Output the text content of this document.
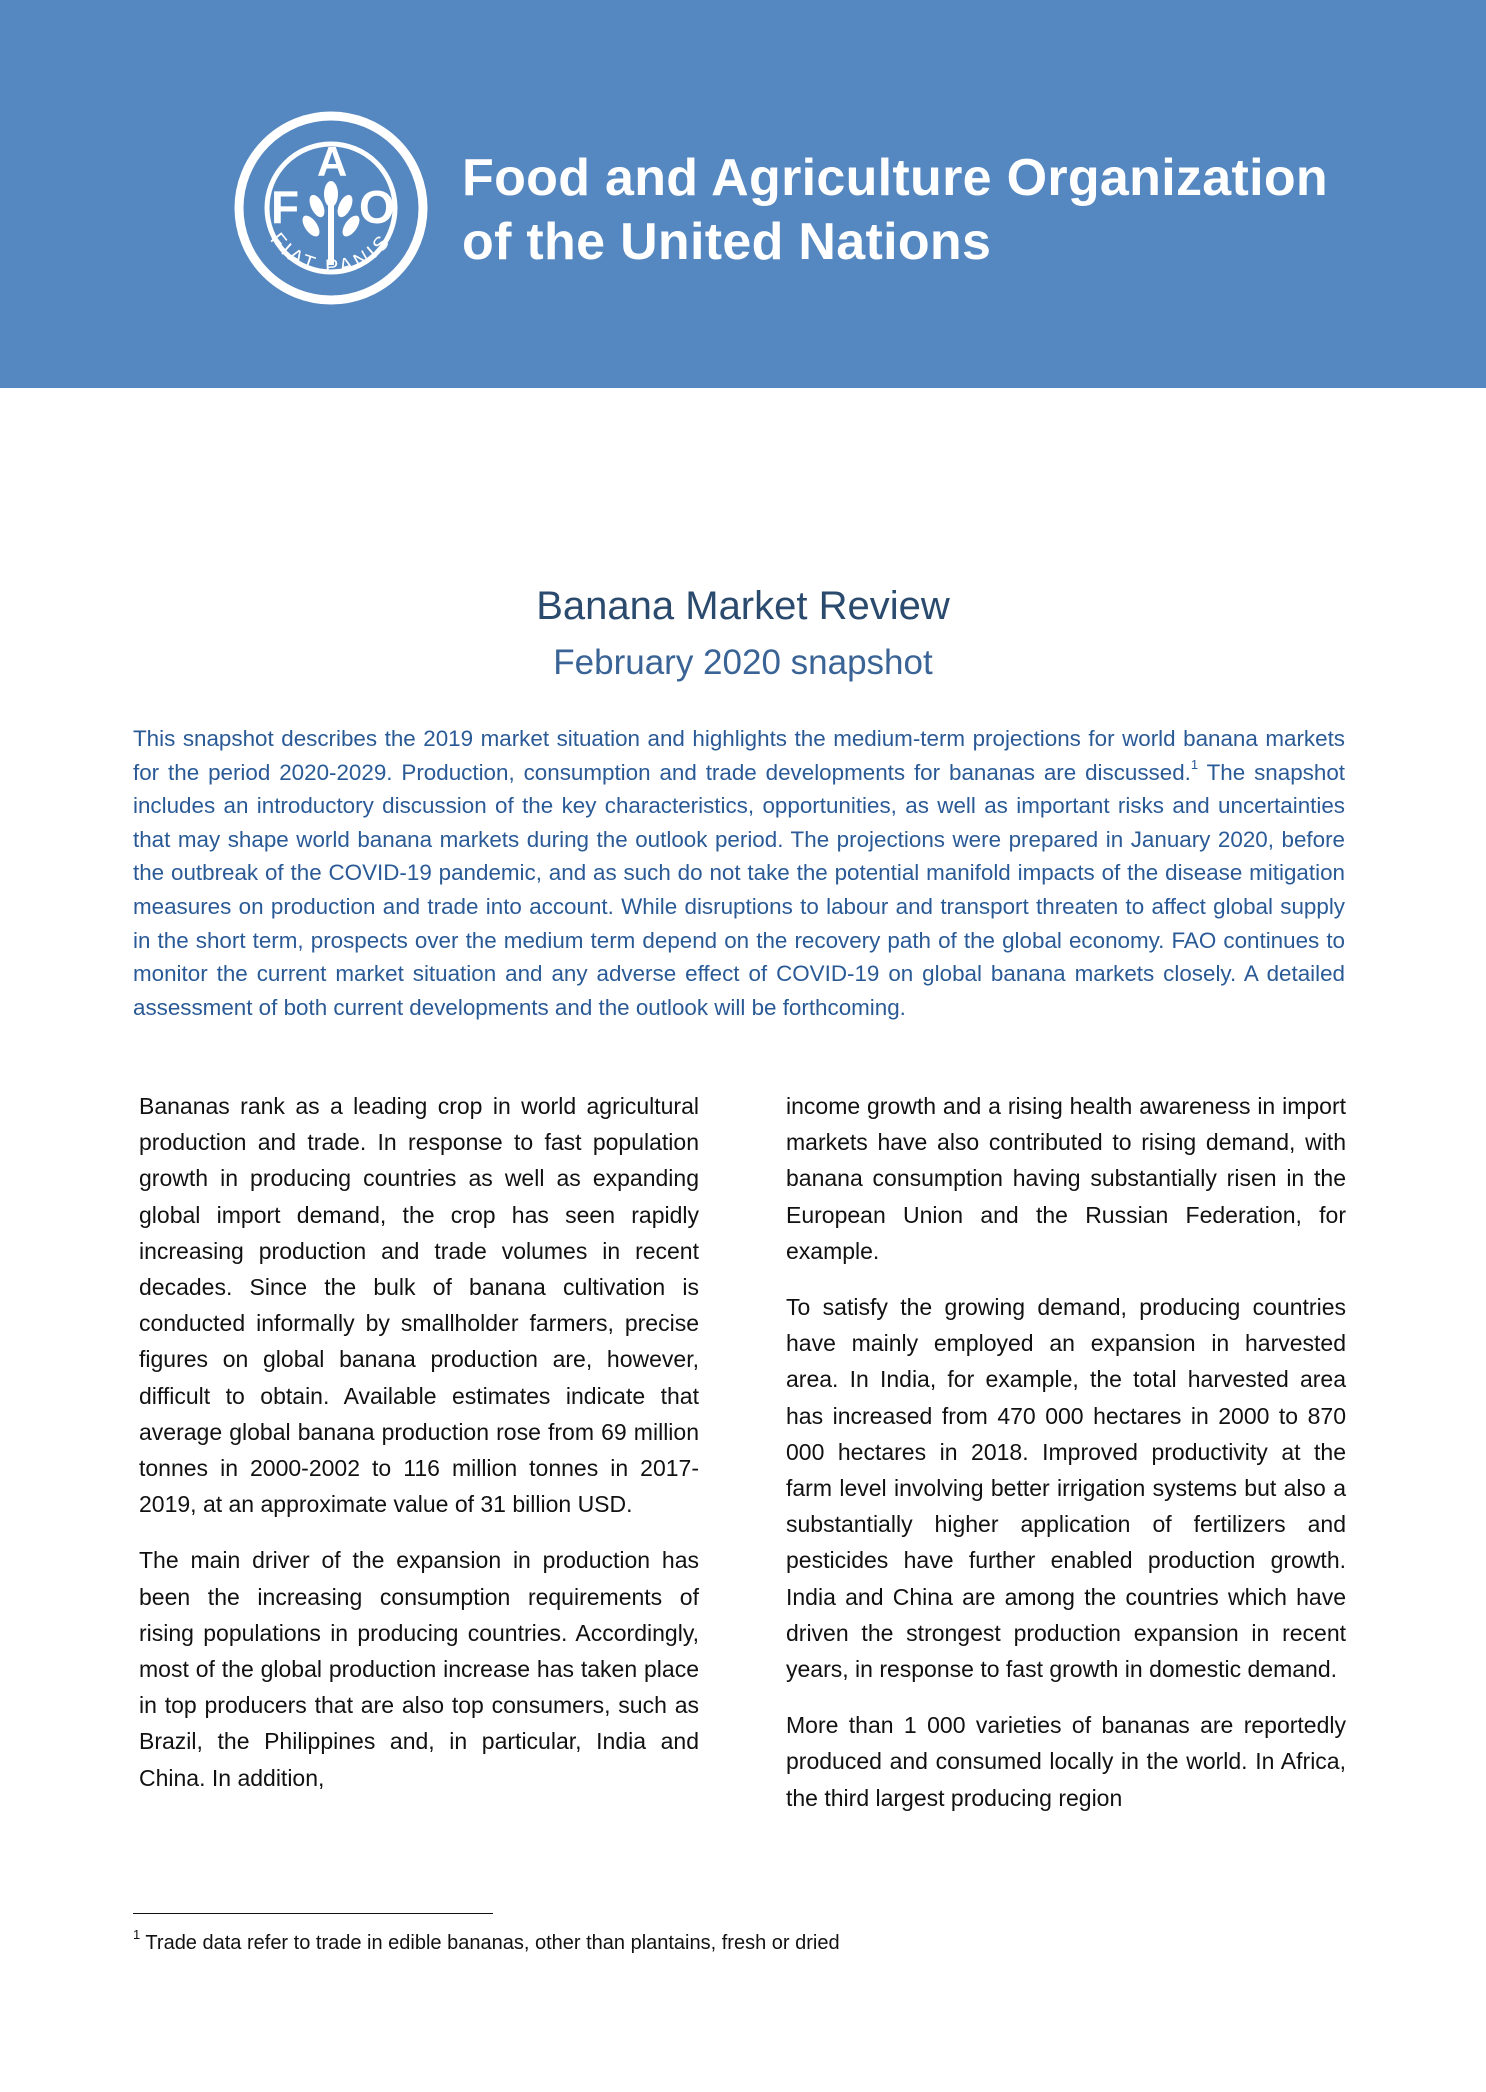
F
A
O
FIAT PANIS
Food and Agriculture Organization
of the United Nations
Banana Market Review
February 2020 snapshot
This snapshot describes the 2019 market situation and highlights the medium-term projections for world banana markets for the period 2020-2029. Production, consumption and trade developments for bananas are discussed.$^1$ The snapshot includes an introductory discussion of the key characteristics, opportunities, as well as important risks and uncertainties that may shape world banana markets during the outlook period. The projections were prepared in January 2020, before the outbreak of the COVID-19 pandemic, and as such do not take the potential manifold impacts of the disease mitigation measures on production and trade into account. While disruptions to labour and transport threaten to affect global supply in the short term, prospects over the medium term depend on the recovery path of the global economy. FAO continues to monitor the current market situation and any adverse effect of COVID-19 on global banana markets closely. A detailed assessment of both current developments and the outlook will be forthcoming.

Bananas rank as a leading crop in world agricultural production and trade. In response to fast population growth in producing countries as well as expanding global import demand, the crop has seen rapidly increasing production and trade volumes in recent decades. Since the bulk of banana cultivation is conducted informally by smallholder farmers, precise figures on global banana production are, however, difficult to obtain. Available estimates indicate that average global banana production rose from 69 million tonnes in 2000-2002 to 116 million tonnes in 2017-2019, at an approximate value of 31 billion USD.

The main driver of the expansion in production has been the increasing consumption requirements of rising populations in producing countries. Accordingly, most of the global production increase has taken place in top producers that are also top consumers, such as Brazil, the Philippines and, in particular, India and China. In addition,

income growth and a rising health awareness in import markets have also contributed to rising demand, with banana consumption having substantially risen in the European Union and the Russian Federation, for example.

To satisfy the growing demand, producing countries have mainly employed an expansion in harvested area. In India, for example, the total harvested area has increased from 470 000 hectares in 2000 to 870 000 hectares in 2018. Improved productivity at the farm level involving better irrigation systems but also a substantially higher application of fertilizers and pesticides have further enabled production growth. India and China are among the countries which have driven the strongest production expansion in recent years, in response to fast growth in domestic demand.

More than 1 000 varieties of bananas are reportedly produced and consumed locally in the world. In Africa, the third largest producing region

$^1$ Trade data refer to trade in edible bananas, other than plantains, fresh or dried
